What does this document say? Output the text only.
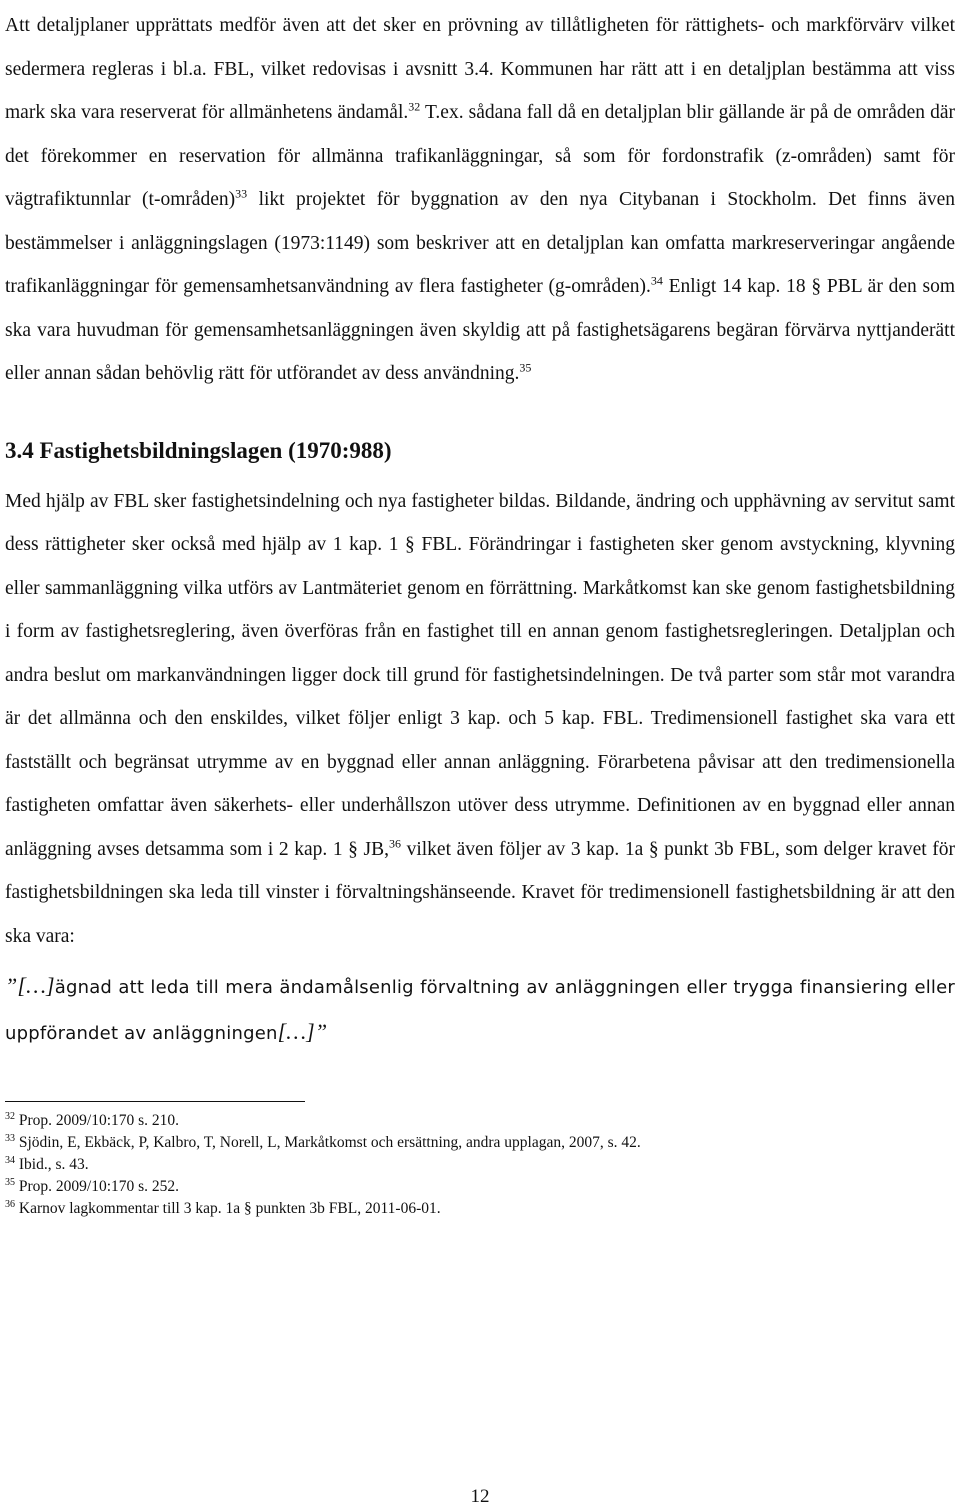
Att detaljplaner upprättats medför även att det sker en prövning av tillåtligheten för rättighets- och markförvärv vilket sedermera regleras i bl.a. FBL, vilket redovisas i avsnitt 3.4. Kommunen har rätt att i en detaljplan bestämma att viss mark ska vara reserverat för allmänhetens ändamål.$^{32}$ T.ex. sådana fall då en detaljplan blir gällande är på de områden där det förekommer en reservation för allmänna trafikanläggningar, så som för fordonstrafik (z-områden) samt för vägtrafiktunnlar (t-områden)$^{33}$ likt projektet för byggnation av den nya Citybanan i Stockholm. Det finns även bestämmelser i anläggningslagen (1973:1149) som beskriver att en detaljplan kan omfatta markreserveringar angående trafikanläggningar för gemensamhetsanvändning av flera fastigheter (g-områden).$^{34}$ Enligt 14 kap. 18 § PBL är den som ska vara huvudman för gemensamhetsanläggningen även skyldig att på fastighetsägarens begäran förvärva nyttjanderätt eller annan sådan behövlig rätt för utförandet av dess användning.$^{35}$

3.4 Fastighetsbildningslagen (1970:988)

Med hjälp av FBL sker fastighetsindelning och nya fastigheter bildas. Bildande, ändring och upphävning av servitut samt dess rättigheter sker också med hjälp av 1 kap. 1 § FBL. Förändringar i fastigheten sker genom avstyckning, klyvning eller sammanläggning vilka utförs av Lantmäteriet genom en förrättning. Markåtkomst kan ske genom fastighetsbildning i form av fastighetsreglering, även överföras från en fastighet till en annan genom fastighetsregleringen. Detaljplan och andra beslut om markanvändningen ligger dock till grund för fastighetsindelningen. De två parter som står mot varandra är det allmänna och den enskildes, vilket följer enligt 3 kap. och 5 kap. FBL. Tredimensionell fastighet ska vara ett fastställt och begränsat utrymme av en byggnad eller annan anläggning. Förarbetena påvisar att den tredimensionella fastigheten omfattar även säkerhets- eller underhållszon utöver dess utrymme. Definitionen av en byggnad eller annan anläggning avses detsamma som i 2 kap. 1 § JB,$^{36}$ vilket även följer av 3 kap. 1a § punkt 3b FBL, som delger kravet för fastighetsbildningen ska leda till vinster i förvaltningshänseende. Kravet för tredimensionell fastighetsbildning är att den ska vara:

”[…]ägnad att leda till mera ändamålsenlig förvaltning av anläggningen eller trygga finansiering eller uppförandet av anläggningen[…]”

$^{32}$ Prop. 2009/10:170 s. 210.

$^{33}$ Sjödin, E, Ekbäck, P, Kalbro, T, Norell, L, Markåtkomst och ersättning, andra upplagan, 2007, s. 42.

$^{34}$ Ibid., s. 43.

$^{35}$ Prop. 2009/10:170 s. 252.

$^{36}$ Karnov lagkommentar till 3 kap. 1a § punkten 3b FBL, 2011-06-01.

12
